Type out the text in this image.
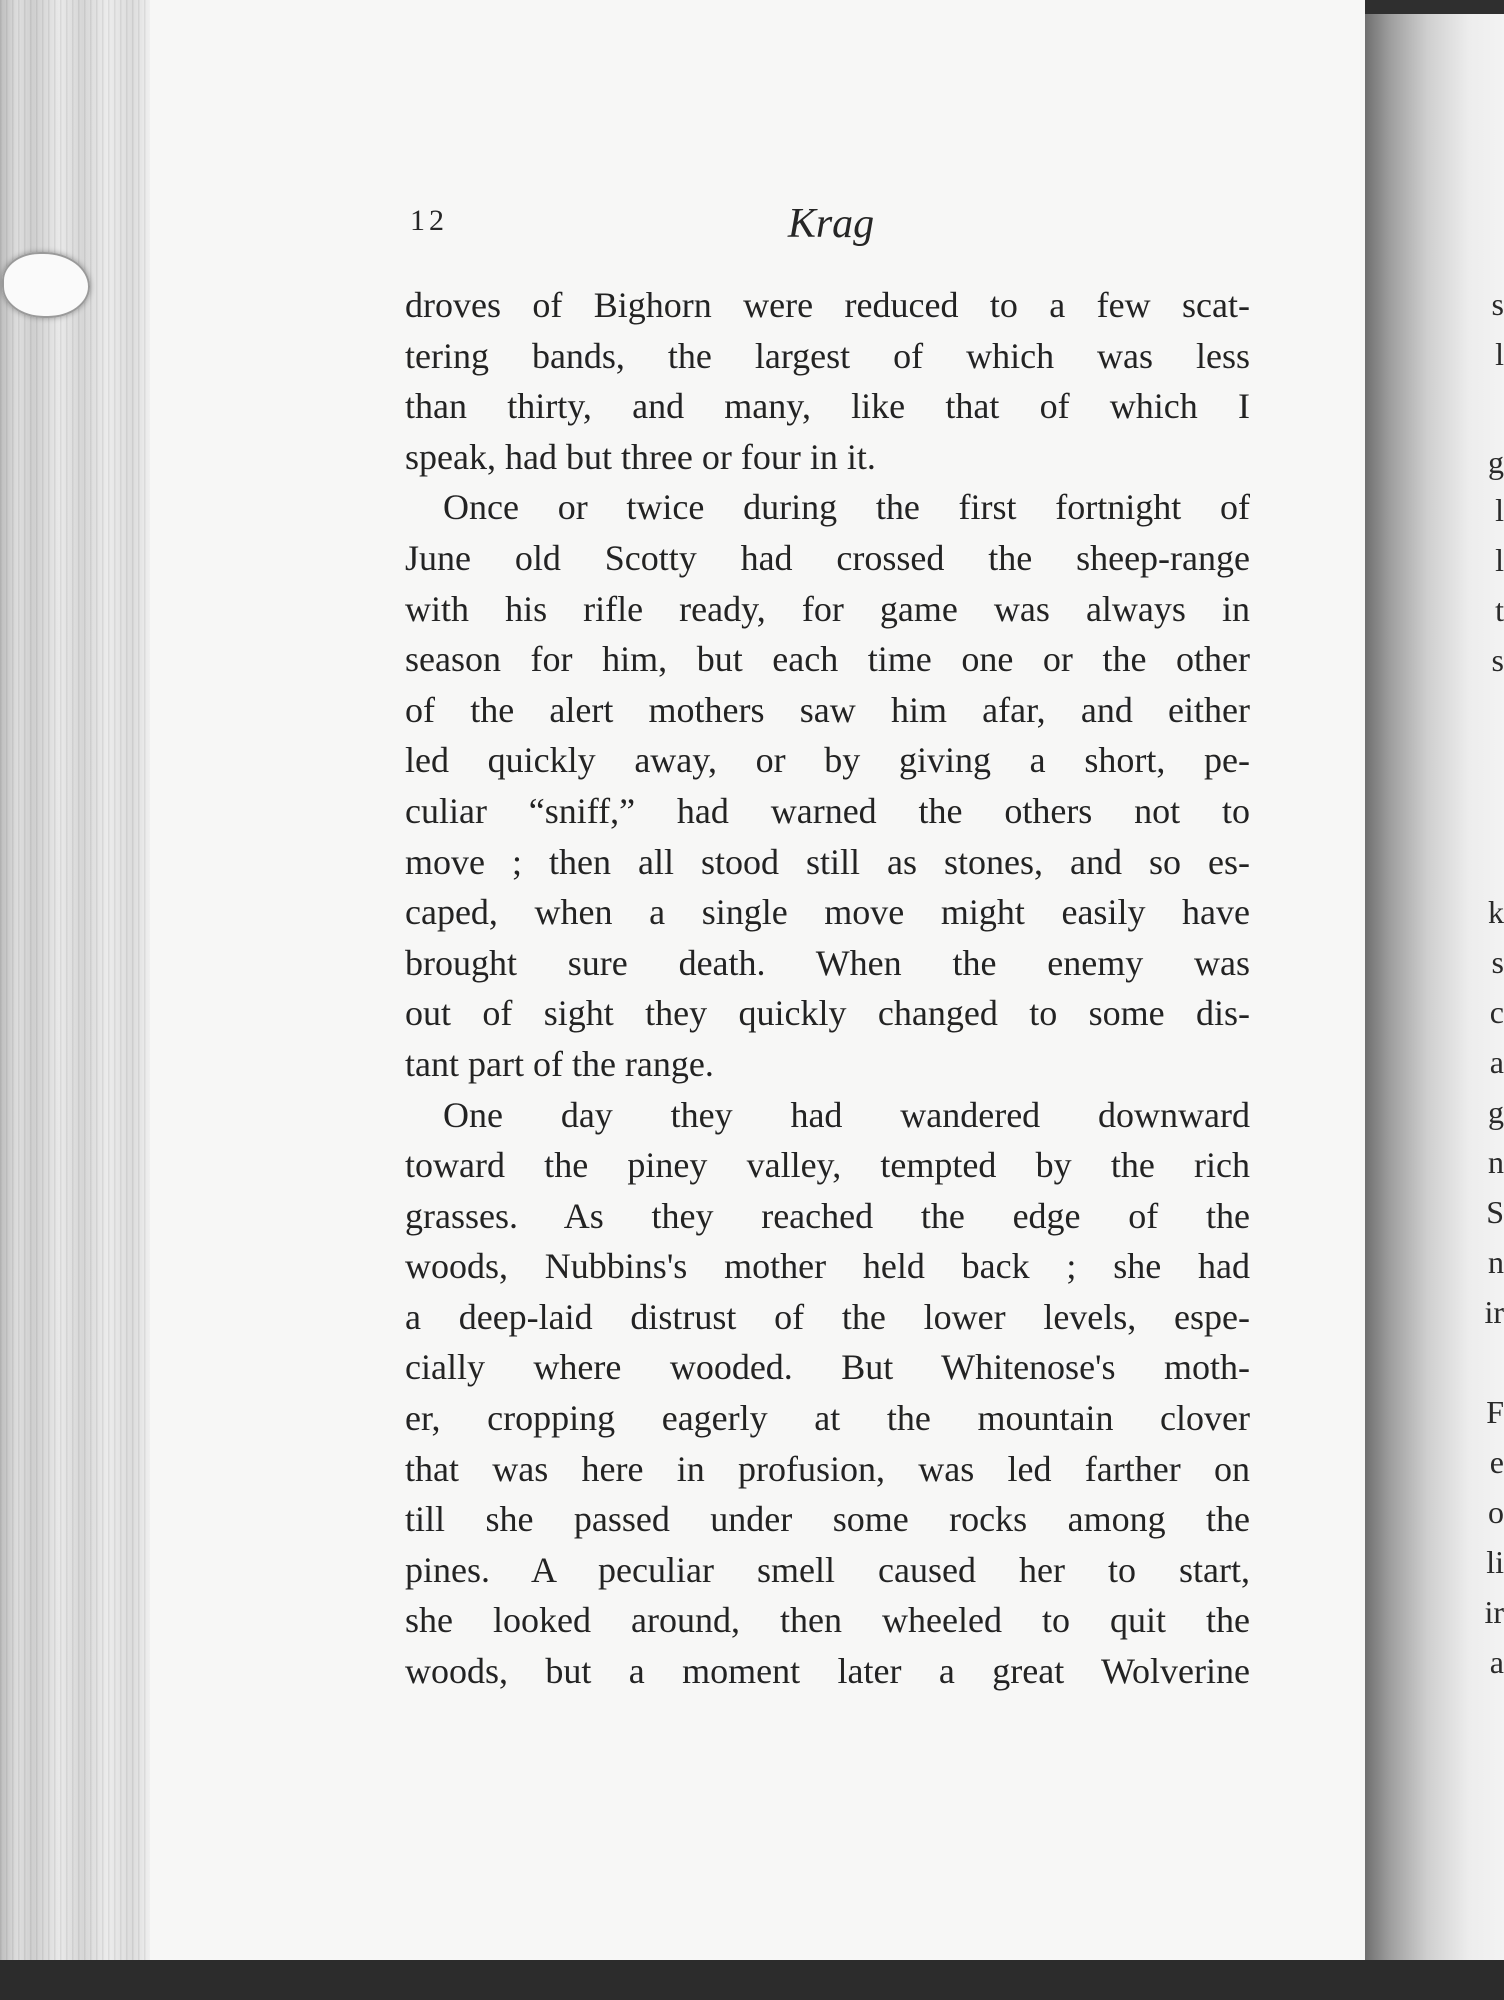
s
l
g
l
l
t
s
k
s
c
a
g
n
S
n
ir
F
e
o
li
ir
a
12	Krag
droves of Bighorn were reduced to a few scat-
tering bands, the largest of which was less
than thirty, and many, like that of which I
speak, had but three or four in it.
Once or twice during the first fortnight of
June old Scotty had crossed the sheep-range
with his rifle ready, for game was always in
season for him, but each time one or the other
of the alert mothers saw him afar, and either
led quickly away, or by giving a short, pe-
culiar “sniff,” had warned the others not to
move ; then all stood still as stones, and so es-
caped, when a single move might easily have
brought sure death. When the enemy was
out of sight they quickly changed to some dis-
tant part of the range.
One day they had wandered downward
toward the piney valley, tempted by the rich
grasses. As they reached the edge of the
woods, Nubbins's mother held back ; she had
a deep-laid distrust of the lower levels, espe-
cially where wooded. But Whitenose's moth-
er, cropping eagerly at the mountain clover
that was here in profusion, was led farther on
till she passed under some rocks among the
pines. A peculiar smell caused her to start,
she looked around, then wheeled to quit the
woods, but a moment later a great Wolverine
